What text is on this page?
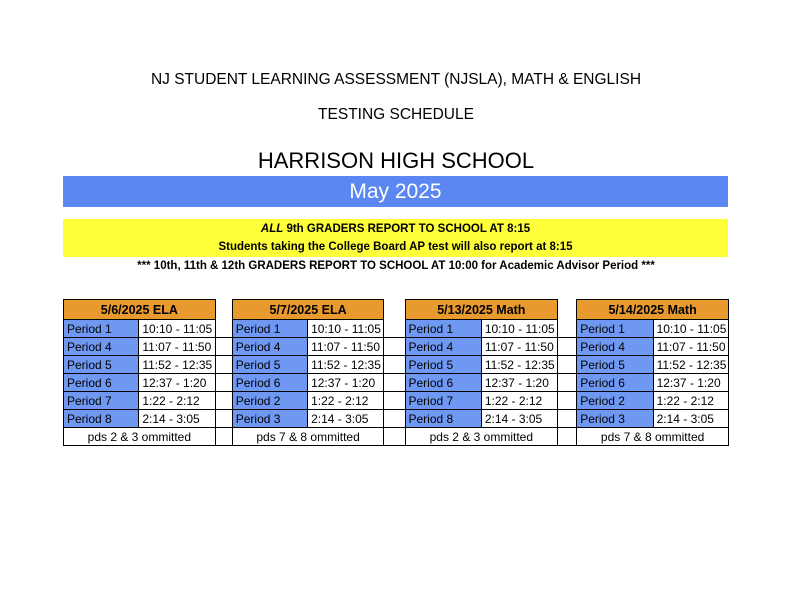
NJ STUDENT LEARNING ASSESSMENT (NJSLA), MATH & ENGLISH
TESTING SCHEDULE
HARRISON HIGH SCHOOL
May 2025
ALL 9th GRADERS REPORT TO SCHOOL AT 8:15
Students taking the College Board AP test will also report at 8:15
*** 10th, 11th & 12th GRADERS REPORT TO SCHOOL AT 10:00 for Academic Advisor Period ***
5/6/2025 ELA			5/7/2025 ELA			5/13/2025 Math			5/14/2025 Math	
Period 1	10:10 - 11:05		Period 1	10:10 - 11:05		Period 1	10:10 - 11:05		Period 1	10:10 - 11:05
Period 4	11:07 - 11:50		Period 4	11:07 - 11:50		Period 4	11:07 - 11:50		Period 4	11:07 - 11:50
Period 5	11:52 - 12:35		Period 5	11:52 - 12:35		Period 5	11:52 - 12:35		Period 5	11:52 - 12:35
Period 6	12:37 - 1:20		Period 6	12:37 - 1:20		Period 6	12:37 - 1:20		Period 6	12:37 - 1:20
Period 7	1:22 - 2:12		Period 2	1:22 - 2:12		Period 7	1:22 - 2:12		Period 2	1:22 - 2:12
Period 8	2:14 - 3:05		Period 3	2:14 - 3:05		Period 8	2:14 - 3:05		Period 3	2:14 - 3:05
pds 2 & 3 ommitted			pds 7 & 8 ommitted			pds 2 & 3 ommitted			pds 7 & 8 ommitted	
